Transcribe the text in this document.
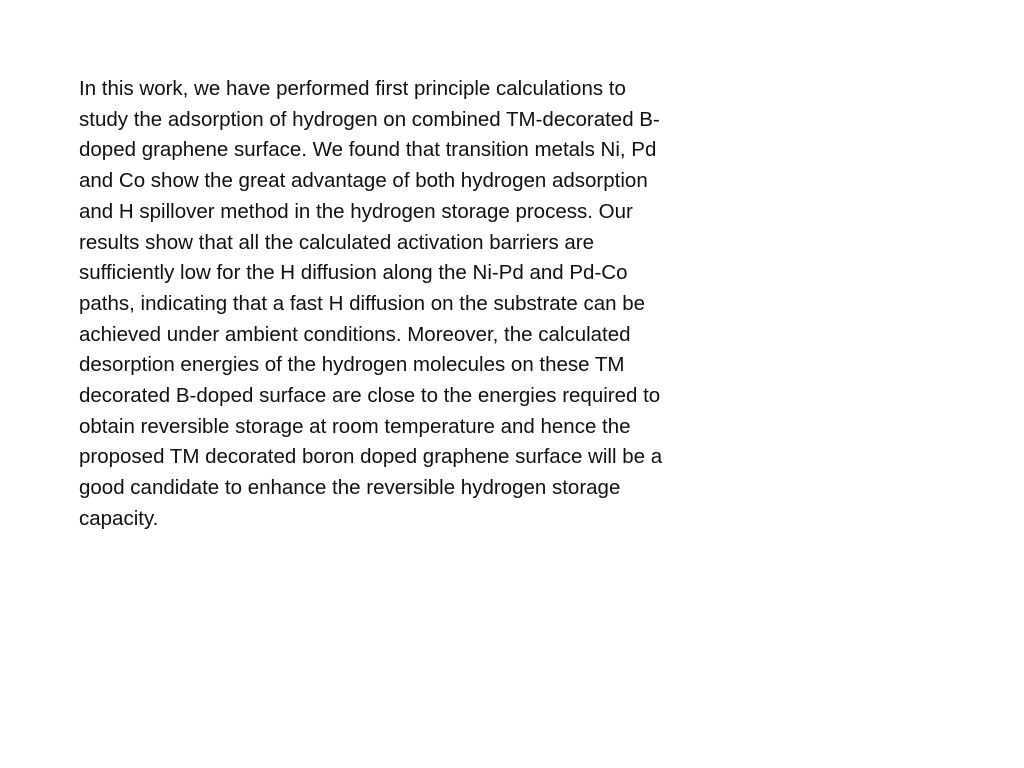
In this work, we have performed first principle calculations to
study the adsorption of hydrogen on combined TM-decorated B-
doped graphene surface. We found that transition metals Ni, Pd
and Co show the great advantage of both hydrogen adsorption
and H spillover method in the hydrogen storage process. Our
results show that all the calculated activation barriers are
sufficiently low for the H diffusion along the Ni-Pd and Pd-Co
paths, indicating that a fast H diffusion on the substrate can be
achieved under ambient conditions. Moreover, the calculated
desorption energies of the hydrogen molecules on these TM
decorated B-doped surface are close to the energies required to
obtain reversible storage at room temperature and hence the
proposed TM decorated boron doped graphene surface will be a
good candidate to enhance the reversible hydrogen storage
capacity.
